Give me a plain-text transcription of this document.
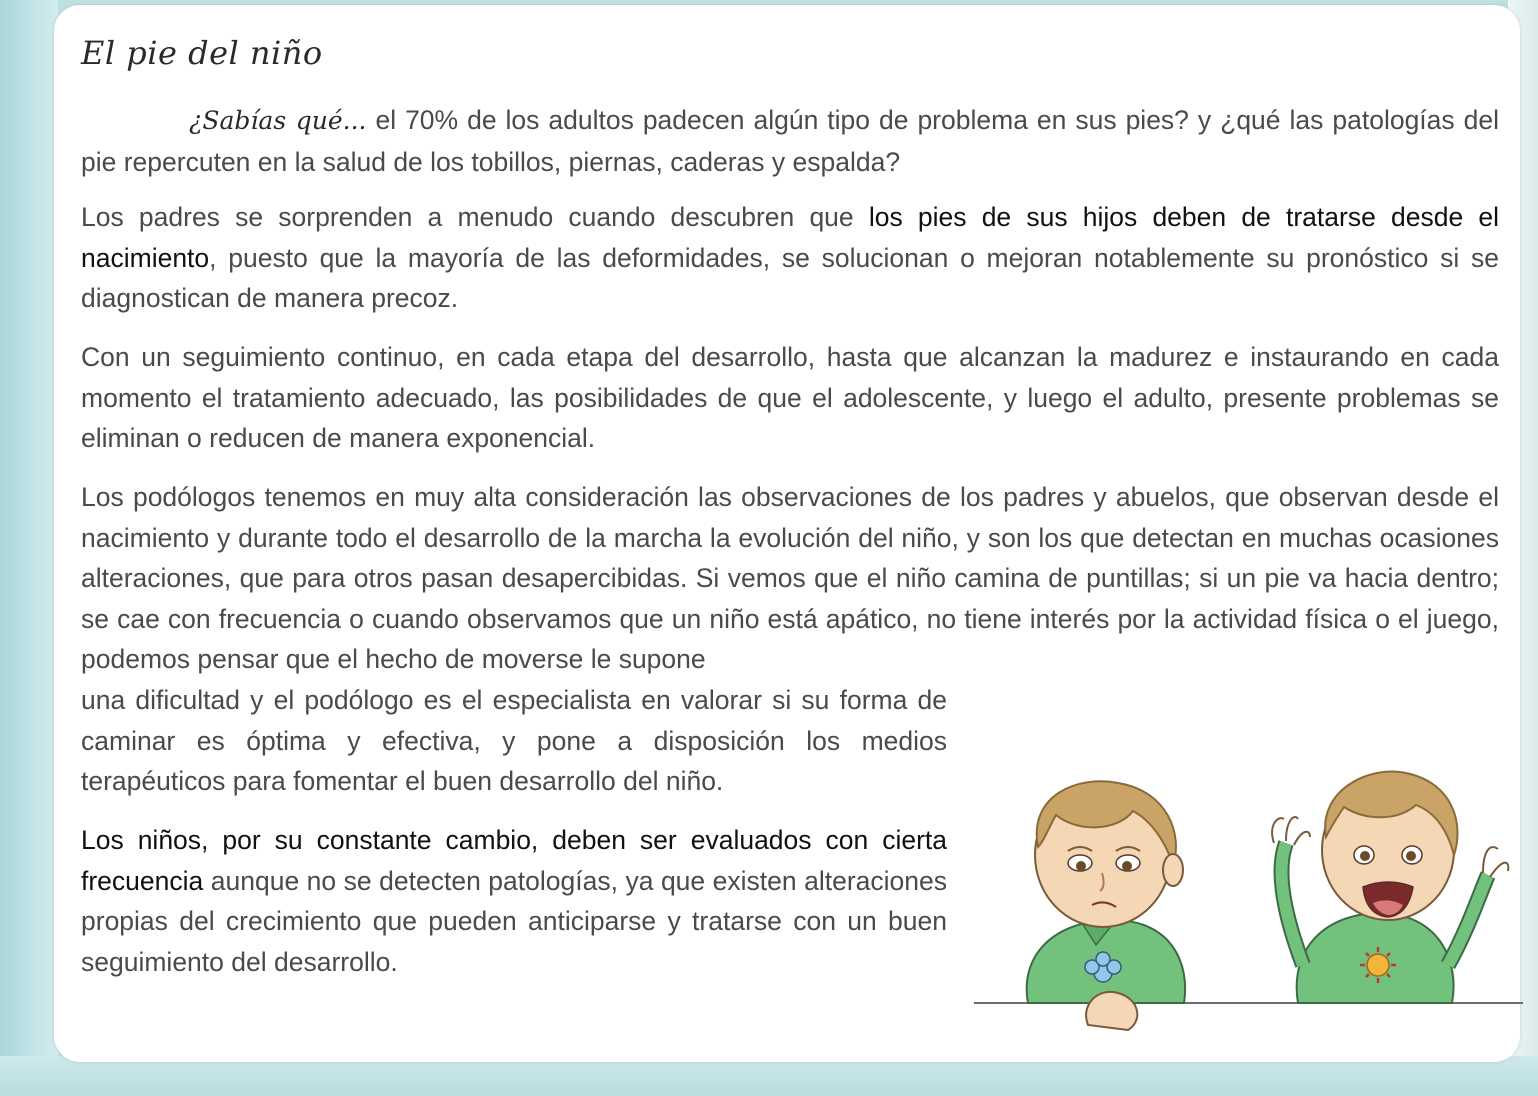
El pie del niño

¿Sabías qué... el 70% de los adultos padecen algún tipo de problema en sus pies? y ¿qué las patologías del pie repercuten en la salud de los tobillos, piernas, caderas y espalda?

Los padres se sorprenden a menudo cuando descubren que los pies de sus hijos deben de tratarse desde el nacimiento, puesto que la mayoría de las deformidades, se solucionan o mejoran notablemente su pronóstico si se diagnostican de manera precoz.

Con un seguimiento continuo, en cada etapa del desarrollo, hasta que alcanzan la madurez e instaurando en cada momento el tratamiento adecuado, las posibilidades de que el adolescente, y luego el adulto, presente problemas se eliminan o reducen de manera exponencial.

Los podólogos tenemos en muy alta consideración las observaciones de los padres y abuelos, que observan desde el nacimiento y durante todo el desarrollo de la marcha la evolución del niño, y son los que detectan en muchas ocasiones alteraciones, que para otros pasan desapercibidas. Si vemos que el niño camina de puntillas; si un pie va hacia dentro; se cae con frecuencia o cuando observamos que un niño está apático, no tiene interés por la actividad física o el juego, podemos pensar que el hecho de moverse le supone

una dificultad y el podólogo es el especialista en valorar si su forma de caminar es óptima y efectiva, y pone a disposición los medios terapéuticos para fomentar el buen desarrollo del niño.

Los niños, por su constante cambio, deben ser evaluados con cierta frecuencia aunque no se detecten patologías, ya que existen alteraciones propias del crecimiento que pueden anticiparse y tratarse con un buen seguimiento del desarrollo.
